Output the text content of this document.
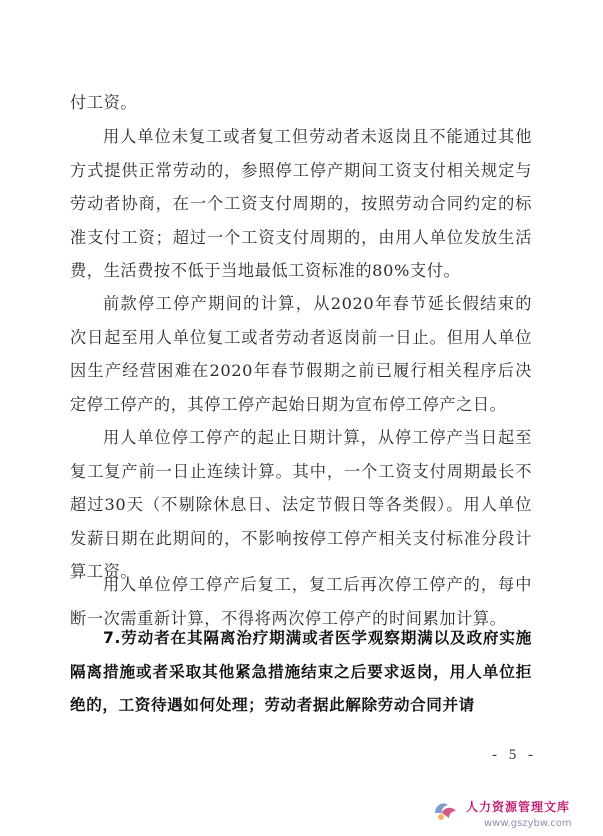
付工资。

用人单位未复工或者复工但劳动者未返岗且不能通过其他方式提供正常劳动的，参照停工停产期间工资支付相关规定与劳动者协商，在一个工资支付周期的，按照劳动合同约定的标准支付工资；超过一个工资支付周期的，由用人单位发放生活费，生活费按不低于当地最低工资标准的80%支付。

前款停工停产期间的计算，从2020年春节延长假结束的次日起至用人单位复工或者劳动者返岗前一日止。但用人单位因生产经营困难在2020年春节假期之前已履行相关程序后决定停工停产的，其停工停产起始日期为宣布停工停产之日。

用人单位停工停产的起止日期计算，从停工停产当日起至复工复产前一日止连续计算。其中，一个工资支付周期最长不超过30天（不剔除休息日、法定节假日等各类假）。用人单位发薪日期在此期间的，不影响按停工停产相关支付标准分段计算工资。

用人单位停工停产后复工，复工后再次停工停产的，每中断一次需重新计算，不得将两次停工停产的时间累加计算。

7.劳动者在其隔离治疗期满或者医学观察期满以及政府实施隔离措施或者采取其他紧急措施结束之后要求返岗，用人单位拒绝的，工资待遇如何处理；劳动者据此解除劳动合同并请

- 5 -
人力资源管理文库
www.gszybw.com
